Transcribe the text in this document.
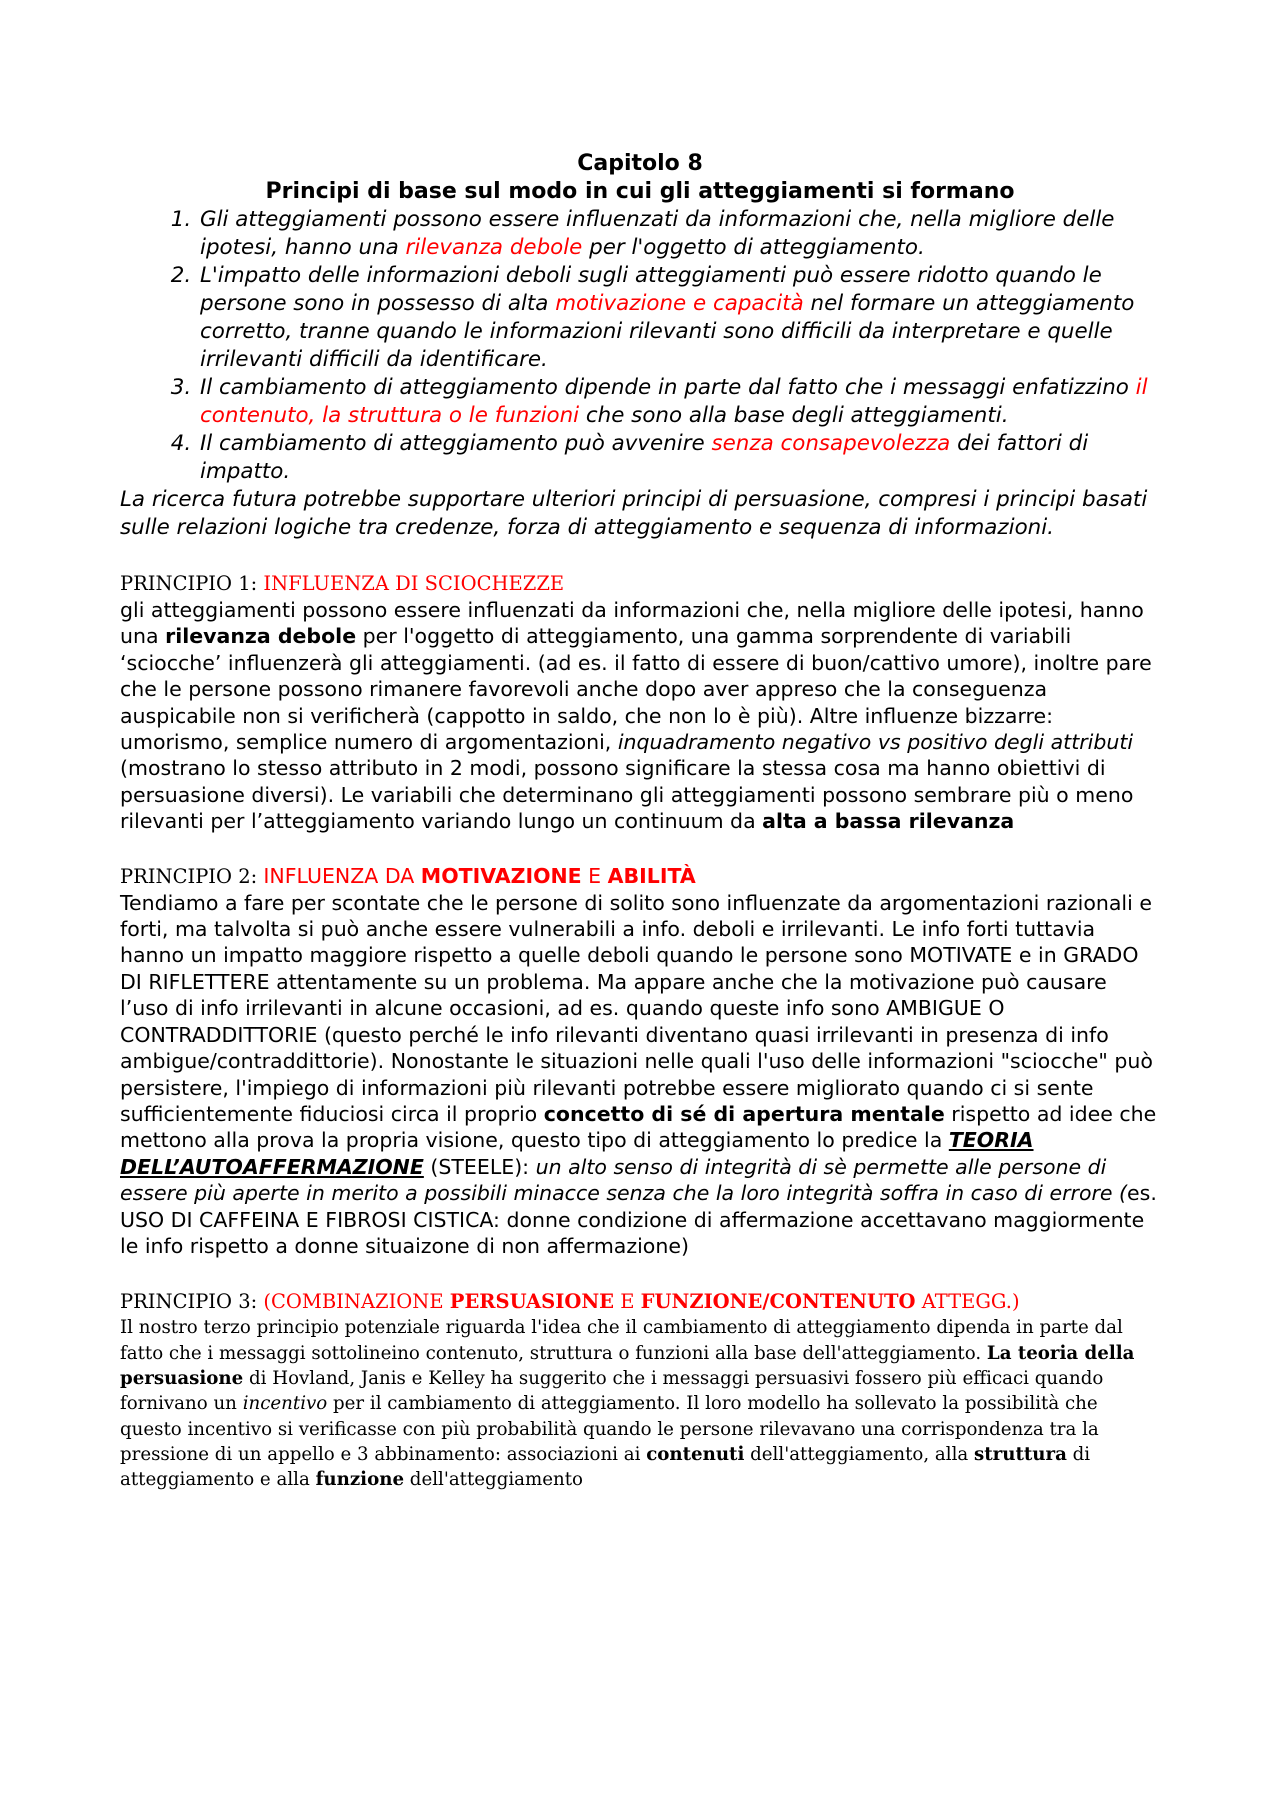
Capitolo 8
Principi di base sul modo in cui gli atteggiamenti si formano
1. Gli atteggiamenti possono essere influenzati da informazioni che, nella migliore delle ipotesi, hanno una rilevanza debole per l'oggetto di atteggiamento.
2. L'impatto delle informazioni deboli sugli atteggiamenti può essere ridotto quando le persone sono in possesso di alta motivazione e capacità nel formare un atteggiamento corretto, tranne quando le informazioni rilevanti sono difficili da interpretare e quelle irrilevanti difficili da identificare.
3. Il cambiamento di atteggiamento dipende in parte dal fatto che i messaggi enfatizzino il contenuto, la struttura o le funzioni che sono alla base degli atteggiamenti.
4. Il cambiamento di atteggiamento può avvenire senza consapevolezza dei fattori di impatto.

La ricerca futura potrebbe supportare ulteriori principi di persuasione, compresi i principi basati sulle relazioni logiche tra credenze, forza di atteggiamento e sequenza di informazioni.

PRINCIPIO 1: INFLUENZA DI SCIOCHEZZE

gli atteggiamenti possono essere influenzati da informazioni che, nella migliore delle ipotesi, hanno una rilevanza debole per l'oggetto di atteggiamento, una gamma sorprendente di variabili ‘sciocche’ influenzerà gli atteggiamenti. (ad es. il fatto di essere di buon/cattivo umore), inoltre pare che le persone possono rimanere favorevoli anche dopo aver appreso che la conseguenza auspicabile non si verificherà (cappotto in saldo, che non lo è più). Altre influenze bizzarre: umorismo, semplice numero di argomentazioni, inquadramento negativo vs positivo degli attributi (mostrano lo stesso attributo in 2 modi, possono significare la stessa cosa ma hanno obiettivi di persuasione diversi). Le variabili che determinano gli atteggiamenti possono sembrare più o meno rilevanti per l’atteggiamento variando lungo un continuum da alta a bassa rilevanza

PRINCIPIO 2: INFLUENZA DA MOTIVAZIONE E ABILITÀ

Tendiamo a fare per scontate che le persone di solito sono influenzate da argomentazioni razionali e forti, ma talvolta si può anche essere vulnerabili a info. deboli e irrilevanti. Le info forti tuttavia hanno un impatto maggiore rispetto a quelle deboli quando le persone sono MOTIVATE e in GRADO DI RIFLETTERE attentamente su un problema. Ma appare anche che la motivazione può causare l’uso di info irrilevanti in alcune occasioni, ad es. quando queste info sono AMBIGUE O CONTRADDITTORIE (questo perché le info rilevanti diventano quasi irrilevanti in presenza di info ambigue/contraddittorie). Nonostante le situazioni nelle quali l'uso delle informazioni "sciocche" può persistere, l'impiego di informazioni più rilevanti potrebbe essere migliorato quando ci si sente sufficientemente fiduciosi circa il proprio concetto di sé di apertura mentale rispetto ad idee che mettono alla prova la propria visione, questo tipo di atteggiamento lo predice la TEORIA DELL’AUTOAFFERMAZIONE (STEELE): un alto senso di integrità di sè permette alle persone di essere più aperte in merito a possibili minacce senza che la loro integrità soffra in caso di errore (es. USO DI CAFFEINA E FIBROSI CISTICA: donne condizione di affermazione accettavano maggiormente le info rispetto a donne situaizone di non affermazione)

PRINCIPIO 3: (COMBINAZIONE PERSUASIONE E FUNZIONE/CONTENUTO ATTEGG.)

Il nostro terzo principio potenziale riguarda l'idea che il cambiamento di atteggiamento dipenda in parte dal fatto che i messaggi sottolineino contenuto, struttura o funzioni alla base dell'atteggiamento. La teoria della persuasione di Hovland, Janis e Kelley ha suggerito che i messaggi persuasivi fossero più efficaci quando fornivano un incentivo per il cambiamento di atteggiamento. Il loro modello ha sollevato la possibilità che questo incentivo si verificasse con più probabilità quando le persone rilevavano una corrispondenza tra la pressione di un appello e 3 abbinamento: associazioni ai contenuti dell'atteggiamento, alla struttura di atteggiamento e alla funzione dell'atteggiamento
